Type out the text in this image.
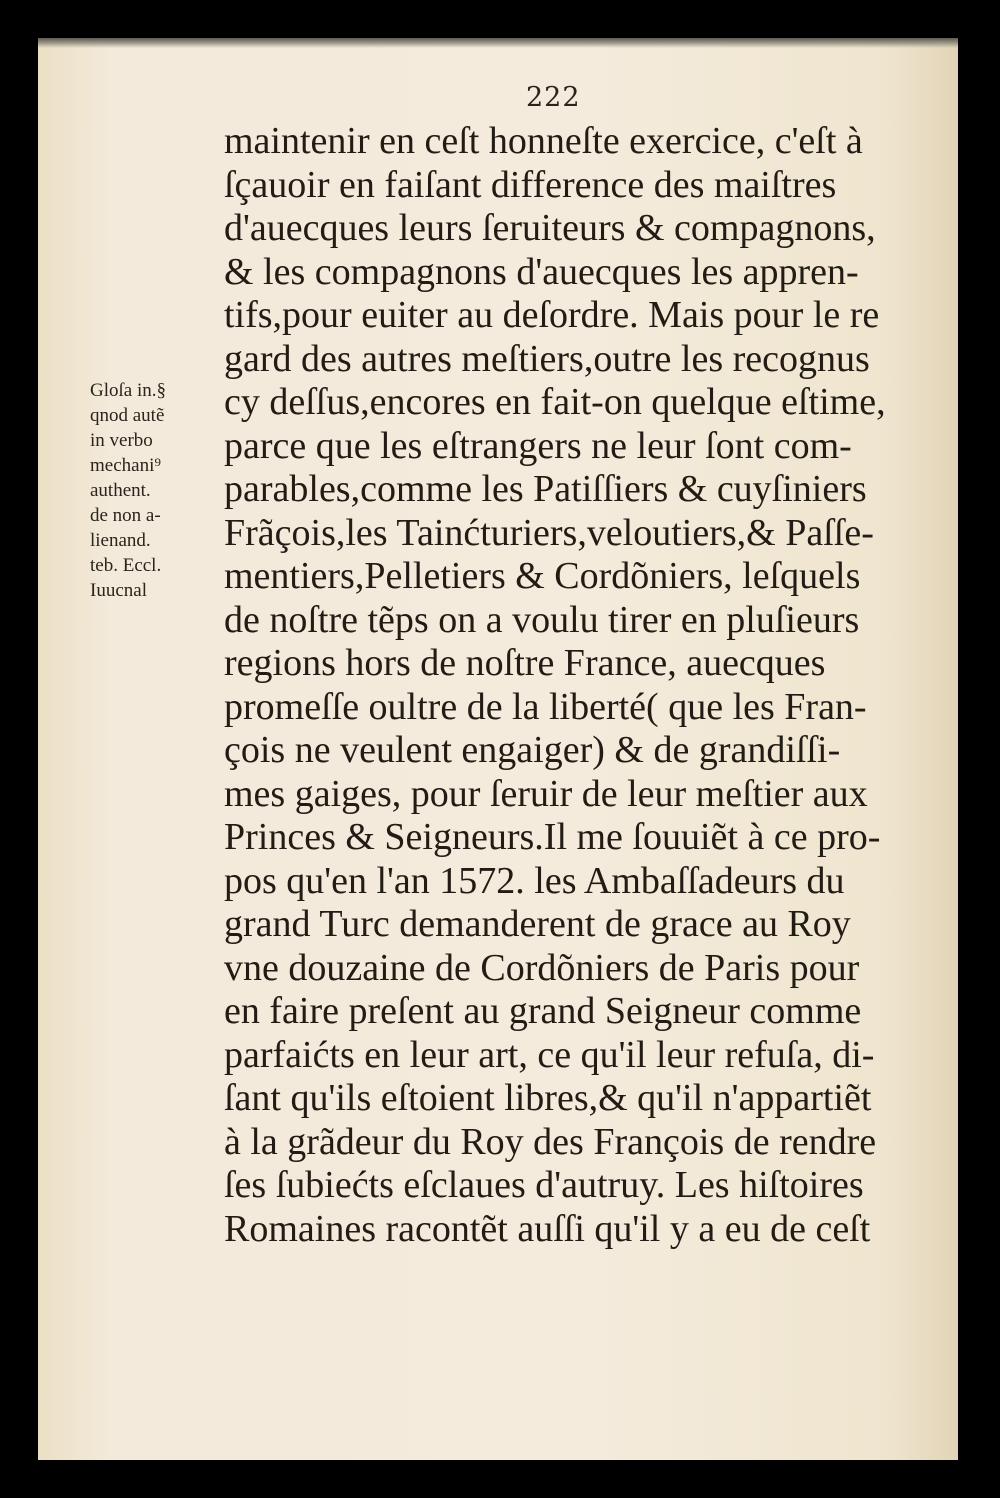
222
Gloſa in.§
qnod autẽ
in verbo
mechani⁹
authent.
de non a-
lienand.
teb. Eccl.
Iuucnal
maintenir en ceſt honneſte exercice, c'eſt à
ſçauoir en faiſant difference des maiſtres
d'auecques leurs ſeruiteurs & compagnons,
& les compagnons d'auecques les appren-
tifs,pour euiter au deſordre. Mais pour le re
gard des autres meſtiers,outre les recognus
cy deſſus,encores en fait-on quelque eſtime,
parce que les eſtrangers ne leur ſont com-
parables,comme les Patiſſiers & cuyſiniers
Frãçois,les Tainćturiers,veloutiers,& Paſſe-
mentiers,Pelletiers & Cordõniers, leſquels
de noſtre tẽps on a voulu tirer en pluſieurs
regions hors de noſtre France, auecques
promeſſe oultre de la liberté( que les Fran-
çois ne veulent engaiger) & de grandiſſi-
mes gaiges, pour ſeruir de leur meſtier aux
Princes & Seigneurs.Il me ſouuiẽt à ce pro-
pos qu'en l'an 1572. les Ambaſſadeurs du
grand Turc demanderent de grace au Roy
vne douzaine de Cordõniers de Paris pour
en faire preſent au grand Seigneur comme
parfaićts en leur art, ce qu'il leur refuſa, di-
ſant qu'ils eſtoient libres,& qu'il n'appartiẽt
à la grãdeur du Roy des François de rendre
ſes ſubiećts eſclaues d'autruy. Les hiſtoires
Romaines racontẽt auſſi qu'il y a eu de ceſt
